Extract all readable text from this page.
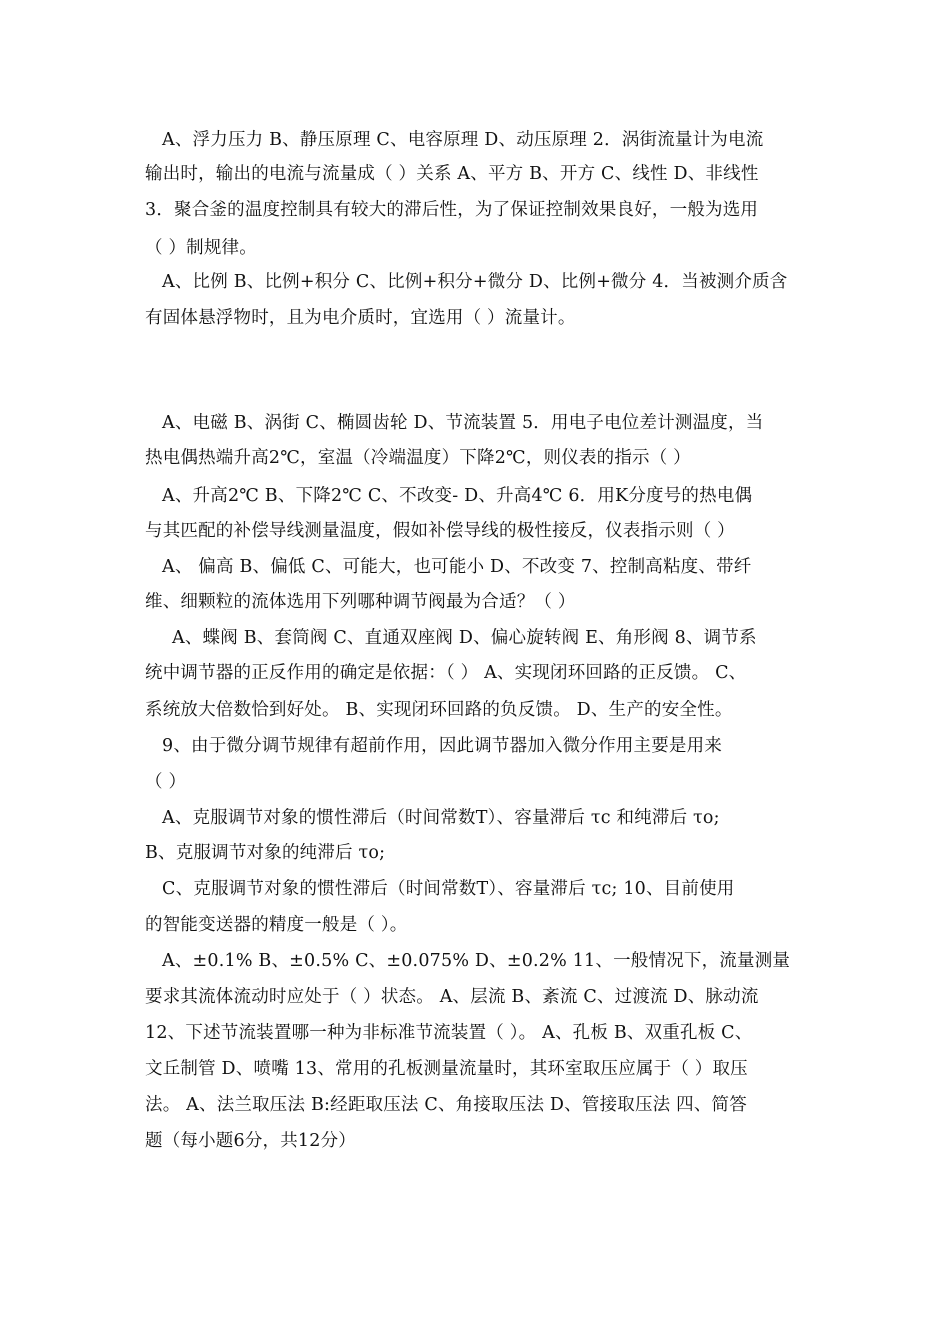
A、浮力压力 B、静压原理 C、电容原理 D、动压原理 2．涡街流量计为电流
输出时，输出的电流与流量成（ ）关系 A、平方 B、开方 C、线性 D、非线性
3．聚合釜的温度控制具有较大的滞后性，为了保证控制效果良好，一般为选用
（ ）制规律。
A、比例 B、比例+积分 C、比例+积分+微分 D、比例+微分 4．当被测介质含
有固体悬浮物时，且为电介质时，宜选用（ ）流量计。
A、电磁 B、涡街 C、椭圆齿轮 D、节流装置 5．用电子电位差计测温度，当
热电偶热端升高2℃，室温（冷端温度）下降2℃，则仪表的指示（ ）
A、升高2℃ B、下降2℃ C、不改变- D、升高4℃ 6．用K分度号的热电偶
与其匹配的补偿导线测量温度，假如补偿导线的极性接反，仪表指示则（ ）
A、 偏高 B、偏低 C、可能大，也可能小 D、不改变 7、控制高粘度、带纤
维、细颗粒的流体选用下列哪种调节阀最为合适？（ ）
A、蝶阀 B、套筒阀 C、直通双座阀 D、偏心旋转阀 E、角形阀 8、调节系
统中调节器的正反作用的确定是依据：（ ） A、实现闭环回路的正反馈。 C、
系统放大倍数恰到好处。 B、实现闭环回路的负反馈。 D、生产的安全性。
9、由于微分调节规律有超前作用，因此调节器加入微分作用主要是用来
（ ）
A、克服调节对象的惯性滞后（时间常数T）、容量滞后 τc 和纯滞后 τo;
B、克服调节对象的纯滞后 τo;
C、克服调节对象的惯性滞后（时间常数T）、容量滞后 τc; 10、目前使用
的智能变送器的精度一般是（ ）。
A、±0.1% B、±0.5% C、±0.075% D、±0.2% 11、一般情况下，流量测量
要求其流体流动时应处于（ ）状态。 A、层流 B、紊流 C、过渡流 D、脉动流
12、下述节流装置哪一种为非标准节流装置（ ）。 A、孔板 B、双重孔板 C、
文丘制管 D、喷嘴 13、常用的孔板测量流量时，其环室取压应属于（ ）取压
法。 A、法兰取压法 B:经距取压法 C、角接取压法 D、管接取压法 四、简答
题（每小题6分，共12分）
